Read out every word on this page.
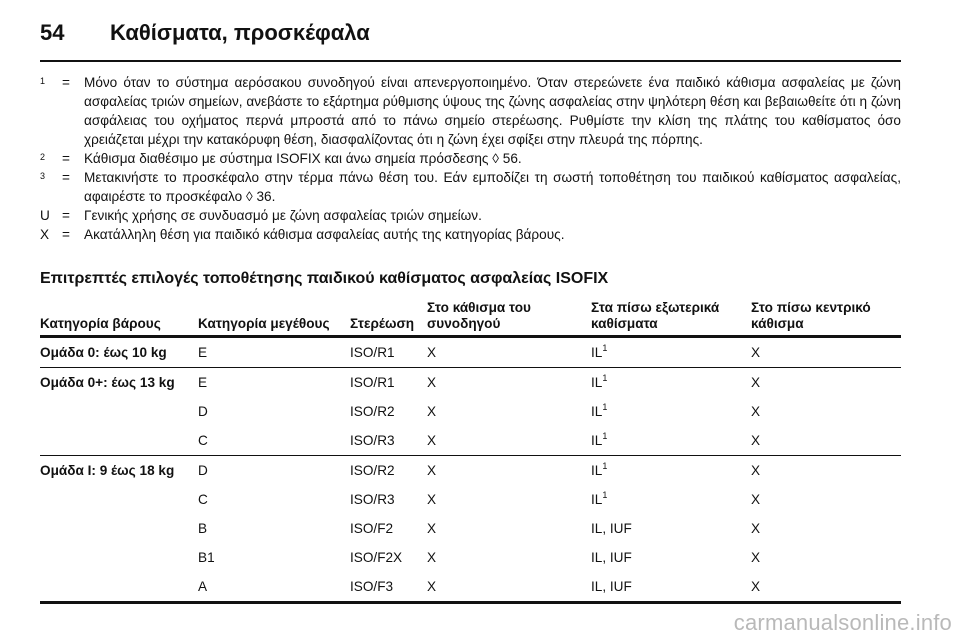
54 Καθίσματα, προσκέφαλα
$^1$	=	Μόνο όταν το σύστημα αερόσακου συνοδηγού είναι απενεργοποιημένο. Όταν στερεώνετε ένα παιδικό κάθισμα ασφαλείας με ζώνη ασφαλείας τριών σημείων, ανεβάστε το εξάρτημα ρύθμισης ύψους της ζώνης ασφαλείας στην ψηλότερη θέση και βεβαιωθείτε ότι η ζώνη ασφάλειας του οχήματος περνά μπροστά από το πάνω σημείο στερέωσης. Ρυθμίστε την κλίση της πλάτης του καθίσματος όσο χρειάζεται μέχρι την κατακόρυφη θέση, διασφαλίζοντας ότι η ζώνη έχει σφίξει στην πλευρά της πόρπης.
$^2$	=	Κάθισμα διαθέσιμο με σύστημα ISOFIX και άνω σημεία πρόσδεσης ◊ 56.
$^3$	=	Μετακινήστε το προσκέφαλο στην τέρμα πάνω θέση του. Εάν εμποδίζει τη σωστή τοποθέτηση του παιδικού καθίσματος ασφαλείας, αφαιρέστε το προσκέφαλο ◊ 36.
U =	Γενικής χρήσης σε συνδυασμό με ζώνη ασφαλείας τριών σημείων.
X =	Ακατάλληλη θέση για παιδικό κάθισμα ασφαλείας αυτής της κατηγορίας βάρους.
Επιτρεπτές επιλογές τοποθέτησης παιδικού καθίσματος ασφαλείας ISOFIX
Κατηγορία βάρους	Κατηγορία μεγέθους	Στερέωση	Στο κάθισμα του συνοδηγού	Στα πίσω εξωτερικά καθίσματα	Στο πίσω κεντρικό κάθισμα
Ομάδα 0: έως 10 kg	E	ISO/R1	X	$IL^1$	X
Ομάδα 0+: έως 13 kg	E	ISO/R1	X	$IL^1$	X
	D	ISO/R2	X	$IL^1$	X
	C	ISO/R3	X	$IL^1$	X
Ομάδα I: 9 έως 18 kg	D	ISO/R2	X	$IL^1$	X
	C	ISO/R3	X	$IL^1$	X
	B	ISO/F2	X	IL, IUF	X
	B1	ISO/F2X	X	IL, IUF	X
	A	ISO/F3	X	IL, IUF	X
carmanualsonline.info
